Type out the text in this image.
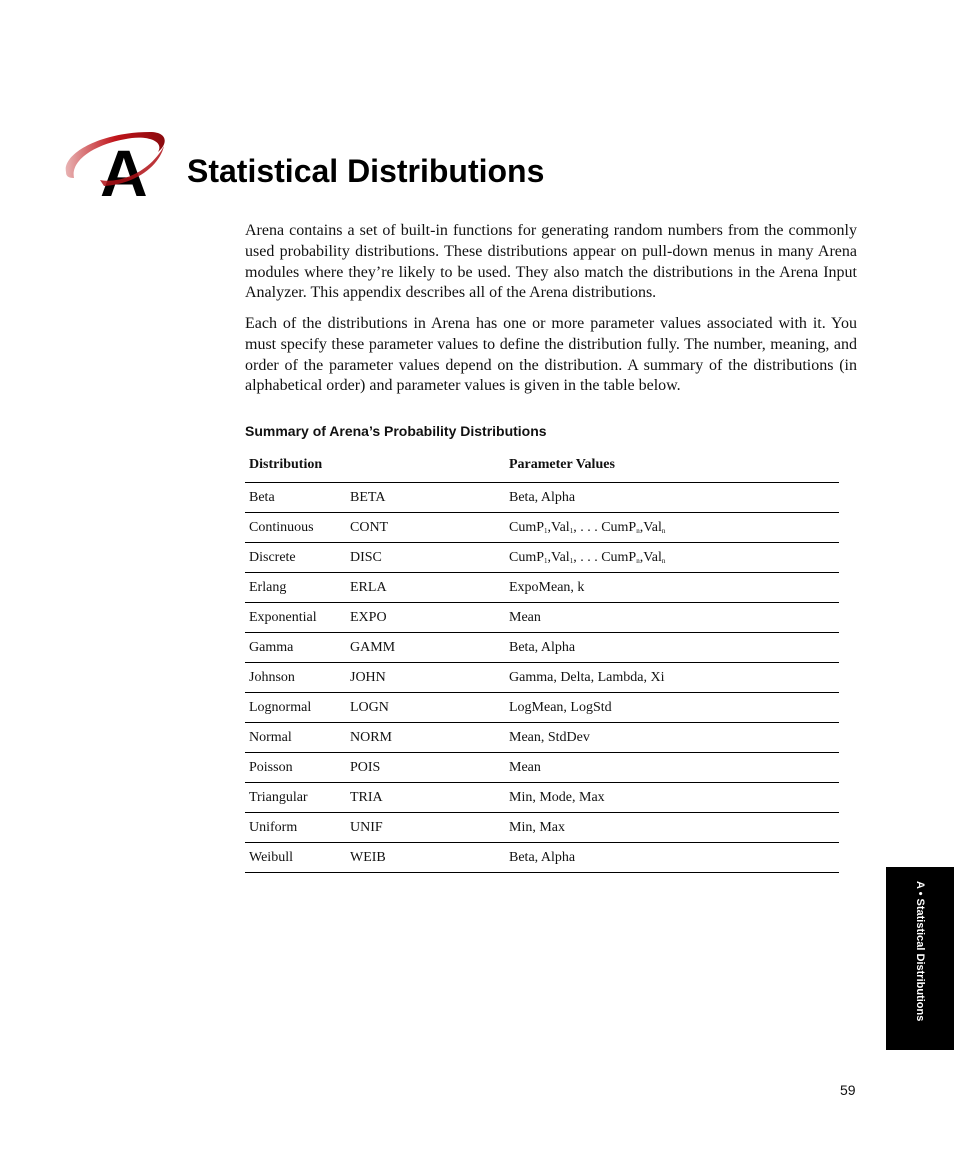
A Statistical Distributions

Arena contains a set of built-in functions for generating random numbers from the commonly used probability distributions. These distributions appear on pull-down menus in many Arena modules where they’re likely to be used. They also match the distributions in the Arena Input Analyzer. This appendix describes all of the Arena distributions.

Each of the distributions in Arena has one or more parameter values associated with it. You must specify these parameter values to define the distribution fully. The number, meaning, and order of the parameter values depend on the distribution. A summary of the distributions (in alphabetical order) and parameter values is given in the table below.

Summary of Arena’s Probability Distributions

Distribution		Parameter Values
Beta	BETA	Beta, Alpha
Continuous	CONT	CumP$_1$,Val$_1$, . . . CumP$_n$,Val$_n$
Discrete	DISC	CumP$_1$,Val$_1$, . . . CumP$_n$,Val$_n$
Erlang	ERLA	ExpoMean, k
Exponential	EXPO	Mean
Gamma	GAMM	Beta, Alpha
Johnson	JOHN	Gamma, Delta, Lambda, Xi
Lognormal	LOGN	LogMean, LogStd
Normal	NORM	Mean, StdDev
Poisson	POIS	Mean
Triangular	TRIA	Min, Mode, Max
Uniform	UNIF	Min, Max
Weibull	WEIB	Beta, Alpha
A • Statistical Distributions

59
